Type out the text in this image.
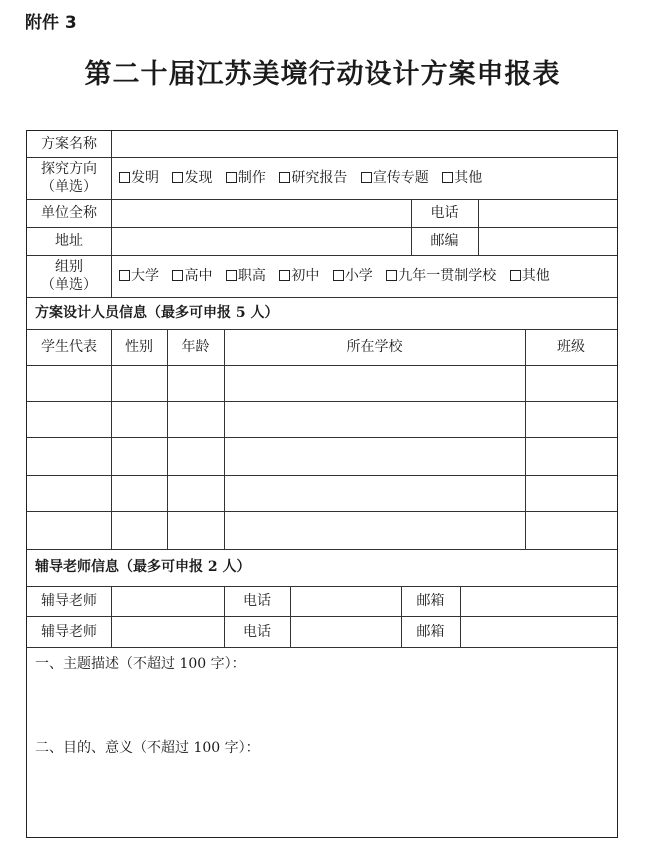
附件 3
第二十届江苏美境行动设计方案申报表
方案名称
探究方向
（单选）
发明 发现 制作 研究报告 宣传专题 其他
单位全称	电话
地址	邮编
组别
（单选）
大学 高中 职高 初中 小学 九年一贯制学校 其他
方案设计人员信息（最多可申报 5 人）
学生代表	性别	年龄	所在学校	班级
辅导老师信息（最多可申报 2 人）
辅导老师	电话	邮箱
辅导老师	电话	邮箱
一、主题描述（不超过 100 字）：
二、目的、意义（不超过 100 字）：
